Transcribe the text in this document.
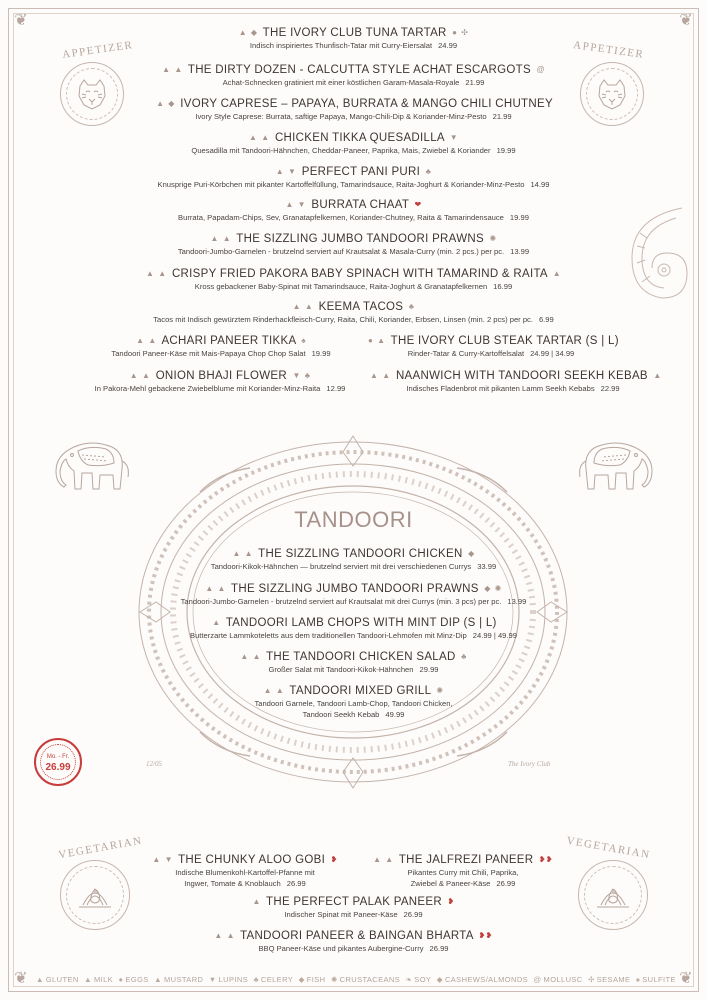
❦	❦
❦	❦
APPETIZER	APPETIZER
▲ ◆ THE IVORY CLUB TUNA TARTAR ● ✣
Indisch inspiriertes Thunfisch-Tatar mit Curry-Eiersalat 24.99
▲ ▲ THE DIRTY DOZEN - CALCUTTA STYLE ACHAT ESCARGOTS @
Achat-Schnecken gratiniert mit einer köstlichen Garam-Masala-Royale 21.99
▲ ◆ IVORY CAPRESE – PAPAYA, BURRATA & MANGO CHILI CHUTNEY
Ivory Style Caprese: Burrata, saftige Papaya, Mango-Chili-Dip & Koriander-Minz-Pesto 21.99
▲ ▲ CHICKEN TIKKA QUESADILLA ▼
Quesadilla mit Tandoori-Hähnchen, Cheddar-Paneer, Paprika, Mais, Zwiebel & Koriander 19.99
▲ ▼ PERFECT PANI PURI ♣
Knusprige Puri-Körbchen mit pikanter Kartoffelfüllung, Tamarindsauce, Raita-Joghurt & Koriander-Minz-Pesto 14.99
▲ ▼ BURRATA CHAAT ❤
Burrata, Papadam-Chips, Sev, Granatapfelkernen, Koriander-Chutney, Raita & Tamarindensauce 19.99
▲ ▲ THE SIZZLING JUMBO TANDOORI PRAWNS ✺
Tandoori-Jumbo-Garnelen - brutzelnd serviert auf Krautsalat & Masala-Curry (min. 2 pcs.) per pc. 13.99
▲ ▲ CRISPY FRIED PAKORA BABY SPINACH WITH TAMARIND & RAITA ▲
Kross gebackener Baby-Spinat mit Tamarindsauce, Raita-Joghurt & Granatapfelkernen 16.99
▲ ▲ KEEMA TACOS ♣
Tacos mit Indisch gewürztem Rinderhackfleisch-Curry, Raita, Chili, Koriander, Erbsen, Linsen (min. 2 pcs) per pc. 6.99
▲ ▲ ACHARI PANEER TIKKA ♠
Tandoori Paneer-Käse mit Mais-Papaya Chop Chop Salat 19.99
● ▲ THE IVORY CLUB STEAK TARTAR (S | L)
Rinder-Tatar & Curry-Kartoffelsalat 24.99 | 34.99
▲ ▲ ONION BHAJI FLOWER ▼ ♣
In Pakora-Mehl gebackene Zwiebelblume mit Koriander-Minz-Raita 12.99
▲ ▲ NAANWICH WITH TANDOORI SEEKH KEBAB ▲
Indisches Fladenbrot mit pikanten Lamm Seekh Kebabs 22.99
TANDOORI
▲ ▲ THE SIZZLING TANDOORI CHICKEN ◆
Tandoori-Kikok-Hähnchen — brutzelnd serviert mit drei verschiedenen Currys 33.99
▲ ▲ THE SIZZLING JUMBO TANDOORI PRAWNS ◆ ✺
Tandoori-Jumbo-Garnelen - brutzelnd serviert auf Krautsalat mit drei Currys (min. 3 pcs) per pc. 13.99
▲ TANDOORI LAMB CHOPS WITH MINT DIP (S | L)
Butterzarte Lammkoteletts aus dem traditionellen Tandoori-Lehmofen mit Minz-Dip 24.99 | 49.99
▲ ▲ THE TANDOORI CHICKEN SALAD ♣
Großer Salat mit Tandoori-Kikok-Hähnchen 29.99
▲ ▲ TANDOORI MIXED GRILL ✺
Tandoori Garnele, Tandoori Lamb-Chop, Tandoori Chicken,
Tandoori Seekh Kebab 49.99
Mo. - Fr.
26.99	12/05	The Ivory Club
VEGETARIAN	VEGETARIAN
▲ ▼ THE CHUNKY ALOO GOBI ❥
Indische Blumenkohl-Kartoffel-Pfanne mit
Ingwer, Tomate & Knoblauch 26.99
▲ ▲ THE JALFREZI PANEER ❥❥
Pikantes Curry mit Chili, Paprika,
Zwiebel & Paneer-Käse 26.99
▲ THE PERFECT PALAK PANEER ❥
Indischer Spinat mit Paneer-Käse 26.99
▲ ▲ TANDOORI PANEER & BAINGAN BHARTA ❥❥
BBQ Paneer-Käse und pikantes Aubergine-Curry 26.99
▲ GLUTEN ▲ MILK ● EGGS ▲ MUSTARD ▼ LUPINS ♣ CELERY ◆ FISH ✺ CRUSTACEANS ❧ SOY ◆ CASHEWS/ALMONDS @ MOLLUSC ✣ SESAME ♠ SULFITE
